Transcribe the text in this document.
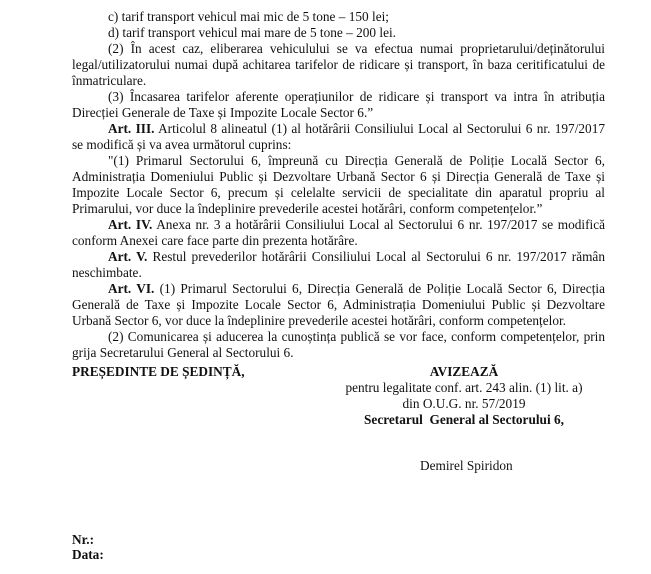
c) tarif transport vehicul mai mic de 5 tone – 150 lei;

d) tarif transport vehicul mai mare de 5 tone – 200 lei.

(2) În acest caz, eliberarea vehiculului se va efectua numai proprietarului/deținătorului legal/utilizatorului numai după achitarea tarifelor de ridicare și transport, în baza ceritificatului de înmatriculare.

(3) Încasarea tarifelor aferente operațiunilor de ridicare și transport va intra în atribuția Direcției Generale de Taxe și Impozite Locale Sector 6.”

Art. III. Articolul 8 alineatul (1) al hotărârii Consiliului Local al Sectorului 6 nr. 197/2017 se modifică și va avea următorul cuprins:

"(1) Primarul Sectorului 6, împreună cu Direcția Generală de Poliție Locală Sector 6, Administrația Domeniului Public și Dezvoltare Urbană Sector 6 și Direcția Generală de Taxe și Impozite Locale Sector 6, precum și celelalte servicii de specialitate din aparatul propriu al Primarului, vor duce la îndeplinire prevederile acestei hotărâri, conform competențelor.”

Art. IV. Anexa nr. 3 a hotărârii Consiliului Local al Sectorului 6 nr. 197/2017 se modifică conform Anexei care face parte din prezenta hotărâre.

Art. V. Restul prevederilor hotărârii Consiliului Local al Sectorului 6 nr. 197/2017 rămân neschimbate.

Art. VI. (1) Primarul Sectorului 6, Direcția Generală de Poliție Locală Sector 6, Direcția Generală de Taxe și Impozite Locale Sector 6, Administrația Domeniului Public și Dezvoltare Urbană Sector 6, vor duce la îndeplinire prevederile acestei hotărâri, conform competențelor.

(2) Comunicarea și aducerea la cunoștința publică se vor face, conform competențelor, prin grija Secretarului General al Sectorului 6.

PREȘEDINTE DE ȘEDINȚĂ,	AVIZEAZĂ
pentru legalitate conf. art. 243 alin. (1) lit. a)
din O.U.G. nr. 57/2019
Secretarul  General al Sectorului 6,
Demirel Spiridon
Nr.:
Data:
